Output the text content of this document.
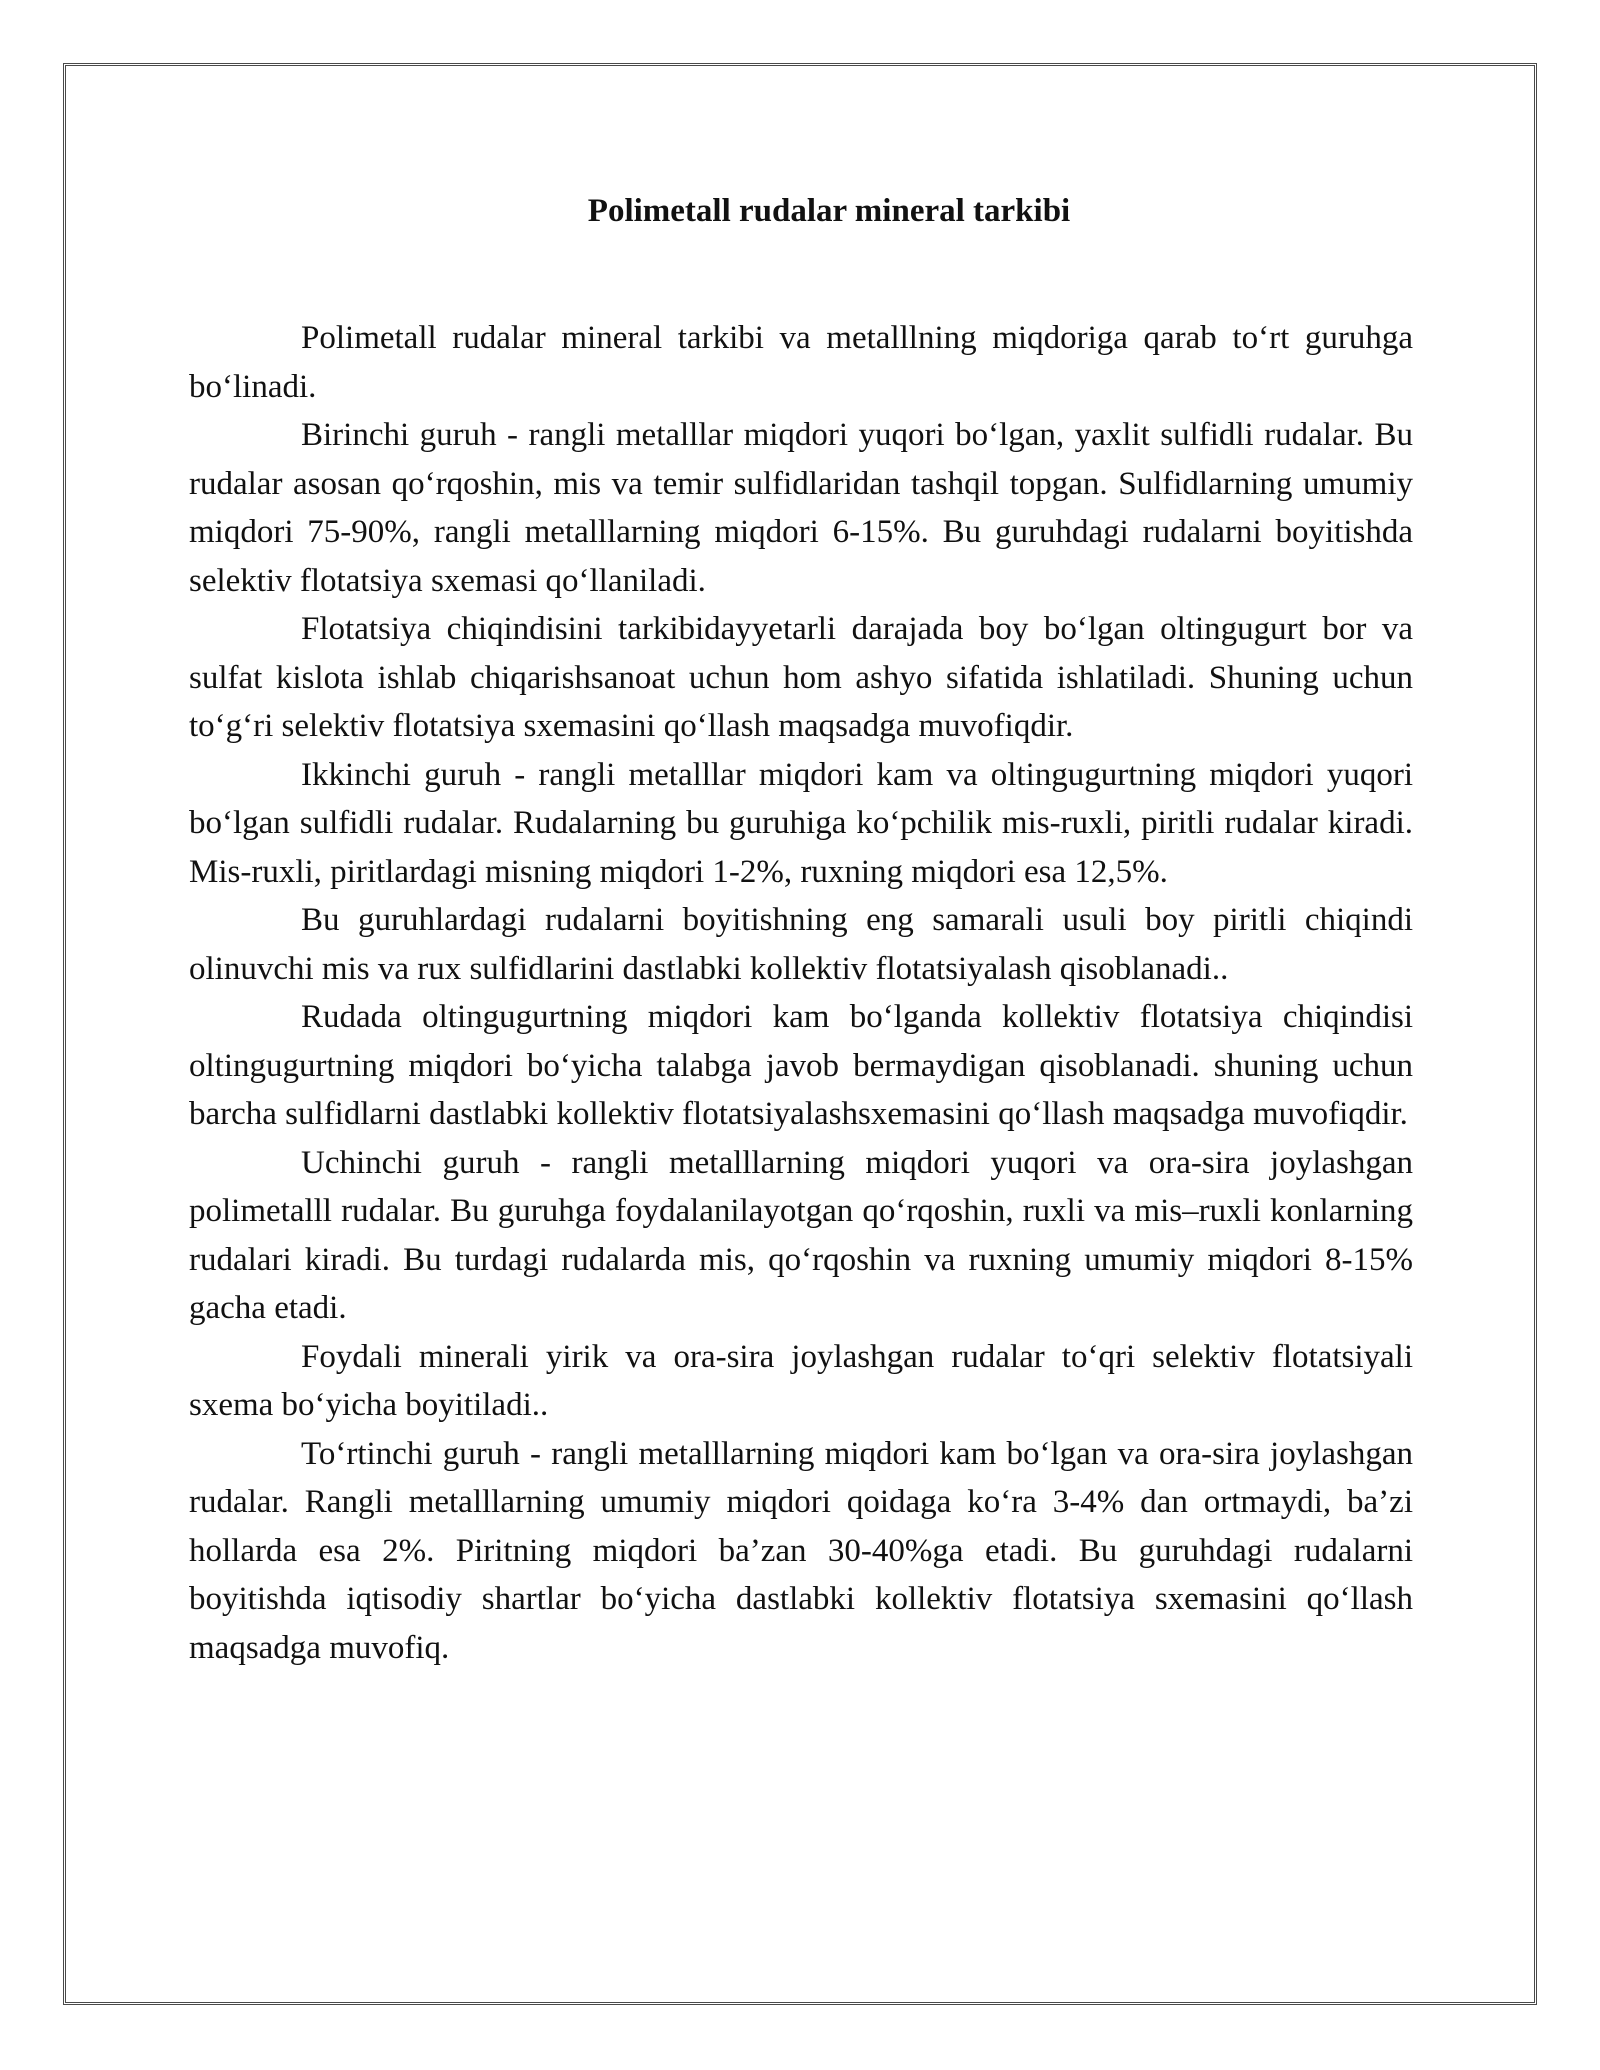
Polimetall rudalar mineral tarkibi

Polimetall rudalar mineral tarkibi va metalllning miqdoriga qarab to‘rt guruhga bo‘linadi.

Birinchi guruh - rangli metalllar miqdori yuqori bo‘lgan, yaxlit sulfidli rudalar. Bu rudalar asosan qo‘rqoshin, mis va temir sulfidlaridan tashqil topgan. Sulfidlarning umumiy miqdori 75-90%, rangli metalllarning miqdori 6-15%. Bu guruhdagi rudalarni boyitishda selektiv flotatsiya sxemasi qo‘llaniladi.

Flotatsiya chiqindisini tarkibidayyetarli darajada boy bo‘lgan oltingugurt bor va sulfat kislota ishlab chiqarishsanoat uchun hom ashyo sifatida ishlatiladi. Shuning uchun to‘g‘ri selektiv flotatsiya sxemasini qo‘llash maqsadga muvofiqdir.

Ikkinchi guruh - rangli metalllar miqdori kam va oltingugurtning miqdori yuqori bo‘lgan sulfidli rudalar. Rudalarning bu guruhiga ko‘pchilik mis-ruxli, piritli rudalar kiradi. Mis-ruxli, piritlardagi misning miqdori 1-2%, ruxning miqdori esa 12,5%.

Bu guruhlardagi rudalarni boyitishning eng samarali usuli boy piritli chiqindi olinuvchi mis va rux sulfidlarini dastlabki kollektiv flotatsiyalash qisoblanadi..

Rudada oltingugurtning miqdori kam bo‘lganda kollektiv flotatsiya chiqindisi oltingugurtning miqdori bo‘yicha talabga javob bermaydigan qisoblanadi. shuning uchun barcha sulfidlarni dastlabki kollektiv flotatsiyalashsxemasini qo‘llash maqsadga muvofiqdir.

Uchinchi guruh - rangli metalllarning miqdori yuqori va ora-sira joylashgan polimetalll rudalar. Bu guruhga foydalanilayotgan qo‘rqoshin, ruxli va mis–ruxli konlarning rudalari kiradi. Bu turdagi rudalarda mis, qo‘rqoshin va ruxning umumiy miqdori 8-15% gacha etadi.

Foydali minerali yirik va ora-sira joylashgan rudalar to‘qri selektiv flotatsiyali sxema bo‘yicha boyitiladi..

To‘rtinchi guruh - rangli metalllarning miqdori kam bo‘lgan va ora-sira joylashgan rudalar. Rangli metalllarning umumiy miqdori qoidaga ko‘ra 3-4% dan ortmaydi, ba’zi hollarda esa 2%. Piritning miqdori ba’zan 30-40%ga etadi. Bu guruhdagi rudalarni boyitishda iqtisodiy shartlar bo‘yicha dastlabki kollektiv flotatsiya sxemasini qo‘llash maqsadga muvofiq.
